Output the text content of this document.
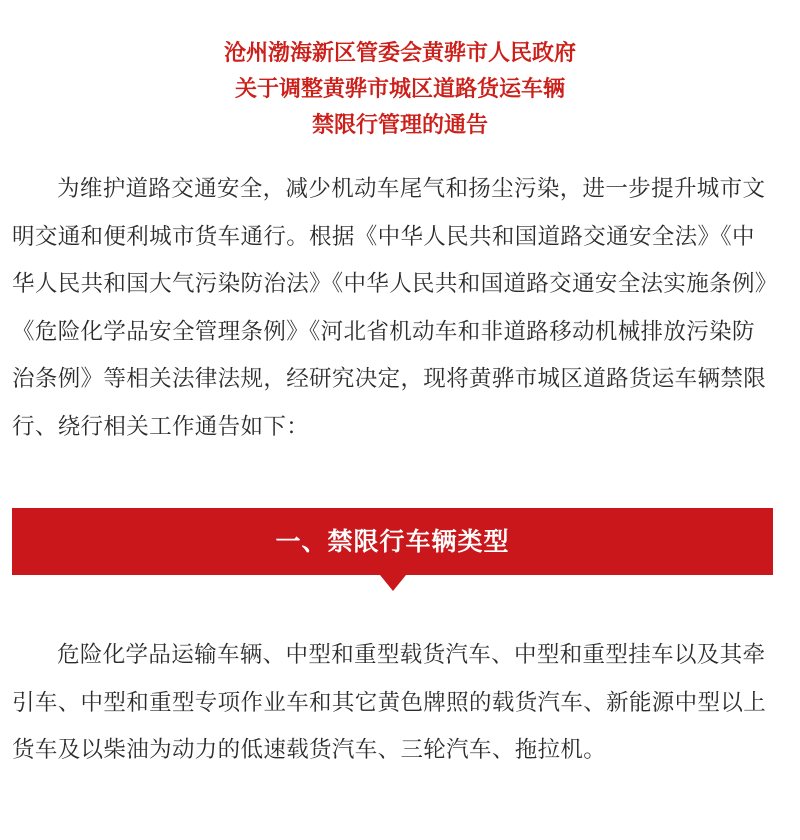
沧州渤海新区管委会黄骅市人民政府

关于调整黄骅市城区道路货运车辆

禁限行管理的通告

为维护道路交通安全，减少机动车尾气和扬尘污染，进一步提升城市文明交通和便利城市货车通行。根据《中华人民共和国道路交通安全法》《中华人民共和国大气污染防治法》《中华人民共和国道路交通安全法实施条例》《危险化学品安全管理条例》《河北省机动车和非道路移动机械排放污染防治条例》等相关法律法规，经研究决定，现将黄骅市城区道路货运车辆禁限行、绕行相关工作通告如下：

一、禁限行车辆类型

危险化学品运输车辆、中型和重型载货汽车、中型和重型挂车以及其牵引车、中型和重型专项作业车和其它黄色牌照的载货汽车、新能源中型以上货车及以柴油为动力的低速载货汽车、三轮汽车、拖拉机。
